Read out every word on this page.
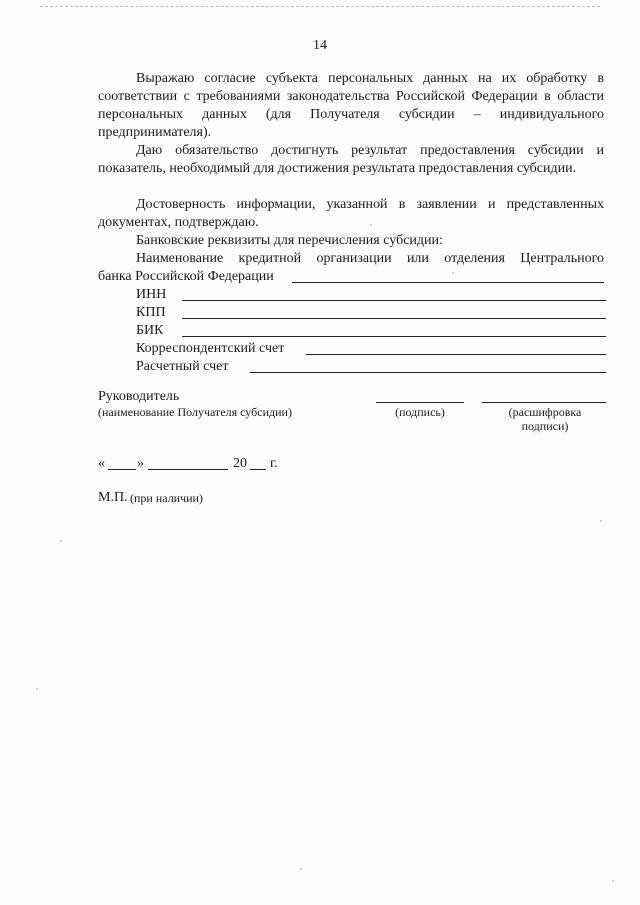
14

Выражаю согласие субъекта персональных данных на их обработку в соответствии с требованиями законодательства Российской Федерации в области персональных данных (для Получателя субсидии – индивидуального предпринимателя).

Даю обязательство достигнуть результат предоставления субсидии и показатель, необходимый для достижения результата предоставления субсидии.

Достоверность информации, указанной в заявлении и представленных документах, подтверждаю.

Банковские реквизиты для перечисления субсидии:

Наименование кредитной организации или отделения Центрального
банка Российской Федерации
ИНН
КПП
БИК
Корреспондентский счет
Расчетный счет
Руководитель
(наименование Получателя субсидии)	(подпись)	(расшифровка
подписи)
« »	20 г.
М.П. (при наличии)
